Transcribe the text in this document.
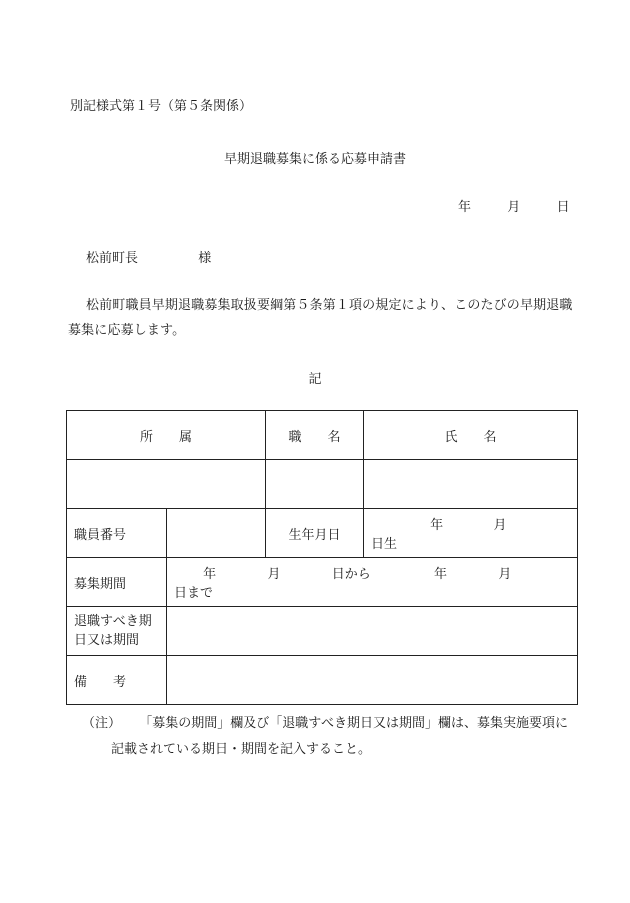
別記様式第１号（第５条関係）
早期退職募集に係る応募申請書
年	月	日
松前町長	様
松前町職員早期退職募集取扱要綱第５条第１項の規定により、このたびの早期退職募集に応募します。
記
所　　属		職　　名	氏　　名

職員番号		生年月日	年 月  日生
募集期間	年 月 日から 年 月  日まで		

退職すべき期
日又は期間			

備　　考			
（注） 「募集の期間」欄及び「退職すべき期日又は期間」欄は、募集実施要項に
記載されている期日・期間を記入すること。
